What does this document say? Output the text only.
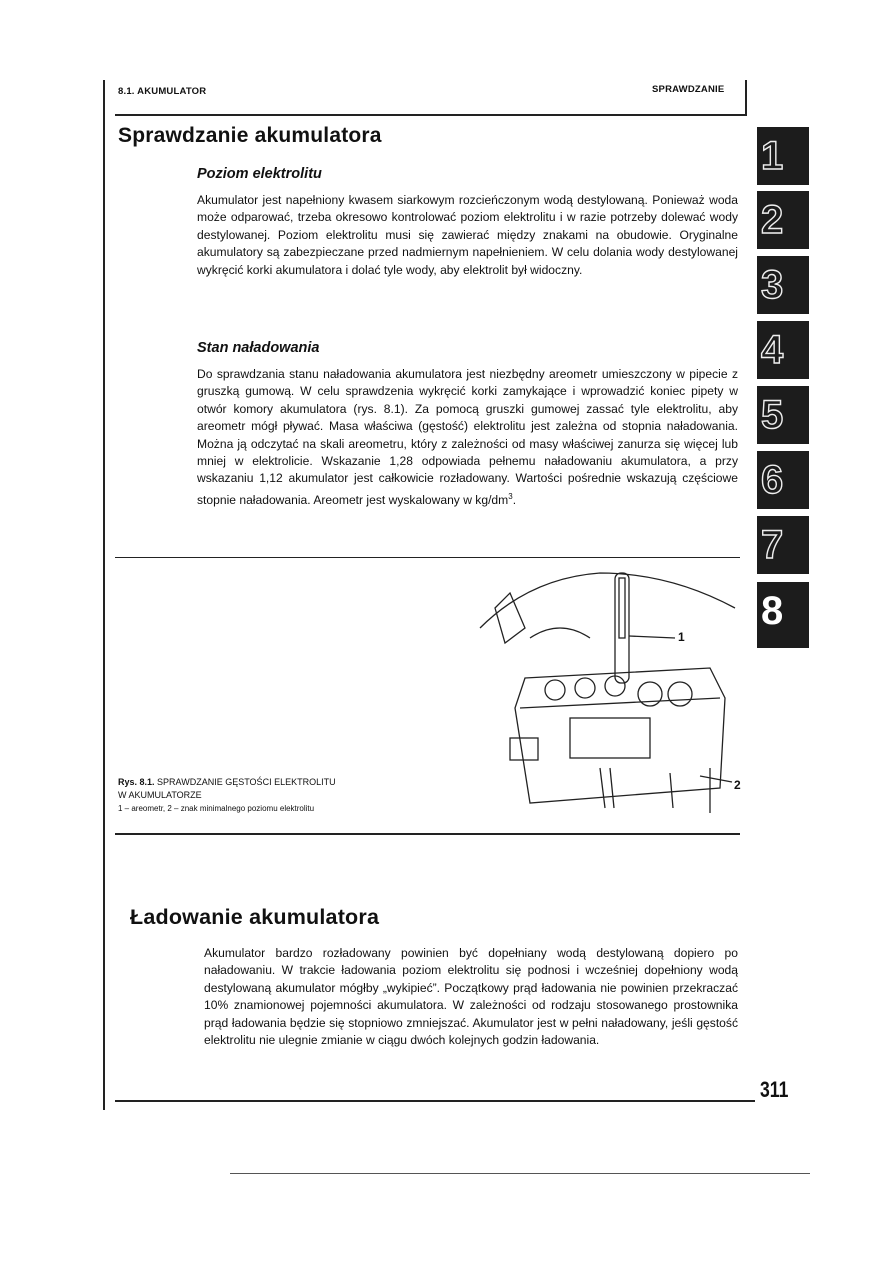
8.1. AKUMULATOR	SPRAWDZANIE
Sprawdzanie akumulatora
Poziom elektrolitu

Akumulator jest napełniony kwasem siarkowym rozcieńczonym wodą destylowaną. Ponieważ woda może odparować, trzeba okresowo kontrolować poziom elektrolitu i w razie potrzeby dolewać wody destylowanej. Poziom elektrolitu musi się zawierać między znakami na obudowie. Oryginalne akumulatory są zabezpieczane przed nadmiernym napełnieniem. W celu dolania wody destylowanej wykręcić korki akumulatora i dolać tyle wody, aby elektrolit był widoczny.

Stan naładowania

Do sprawdzania stanu naładowania akumulatora jest niezbędny areometr umieszczony w pipecie z gruszką gumową. W celu sprawdzenia wykręcić korki zamykające i wprowadzić koniec pipety w otwór komory akumulatora (rys. 8.1). Za pomocą gruszki gumowej zassać tyle elektrolitu, aby areometr mógł pływać. Masa właściwa (gęstość) elektrolitu jest zależna od stopnia naładowania. Można ją odczytać na skali areometru, który z zależności od masy właściwej zanurza się więcej lub mniej w elektrolicie. Wskazanie 1,28 odpowiada pełnemu naładowaniu akumulatora, a przy wskazaniu 1,12 akumulator jest całkowicie rozładowany. Wartości pośrednie wskazują częściowe stopnie naładowania. Areometr jest wyskalowany w $kg/dm^3$.

1
2
Rys. 8.1. SPRAWDZANIE GĘSTOŚCI ELEKTROLITU
W AKUMULATORZE
1 – areometr, 2 – znak minimalnego poziomu elektrolitu
Ładowanie akumulatora

Akumulator bardzo rozładowany powinien być dopełniany wodą destylowaną dopiero po naładowaniu. W trakcie ładowania poziom elektrolitu się podnosi i wcześniej dopełniony wodą destylowaną akumulator mógłby „wykipieć”. Początkowy prąd ładowania nie powinien przekraczać 10% znamionowej pojemności akumulatora. W zależności od rodzaju stosowanego prostownika prąd ładowania będzie się stopniowo zmniejszać. Akumulator jest w pełni naładowany, jeśli gęstość elektrolitu nie ulegnie zmianie w ciągu dwóch kolejnych godzin ładowania.

1
2
3
4
5
6
7
8
311
